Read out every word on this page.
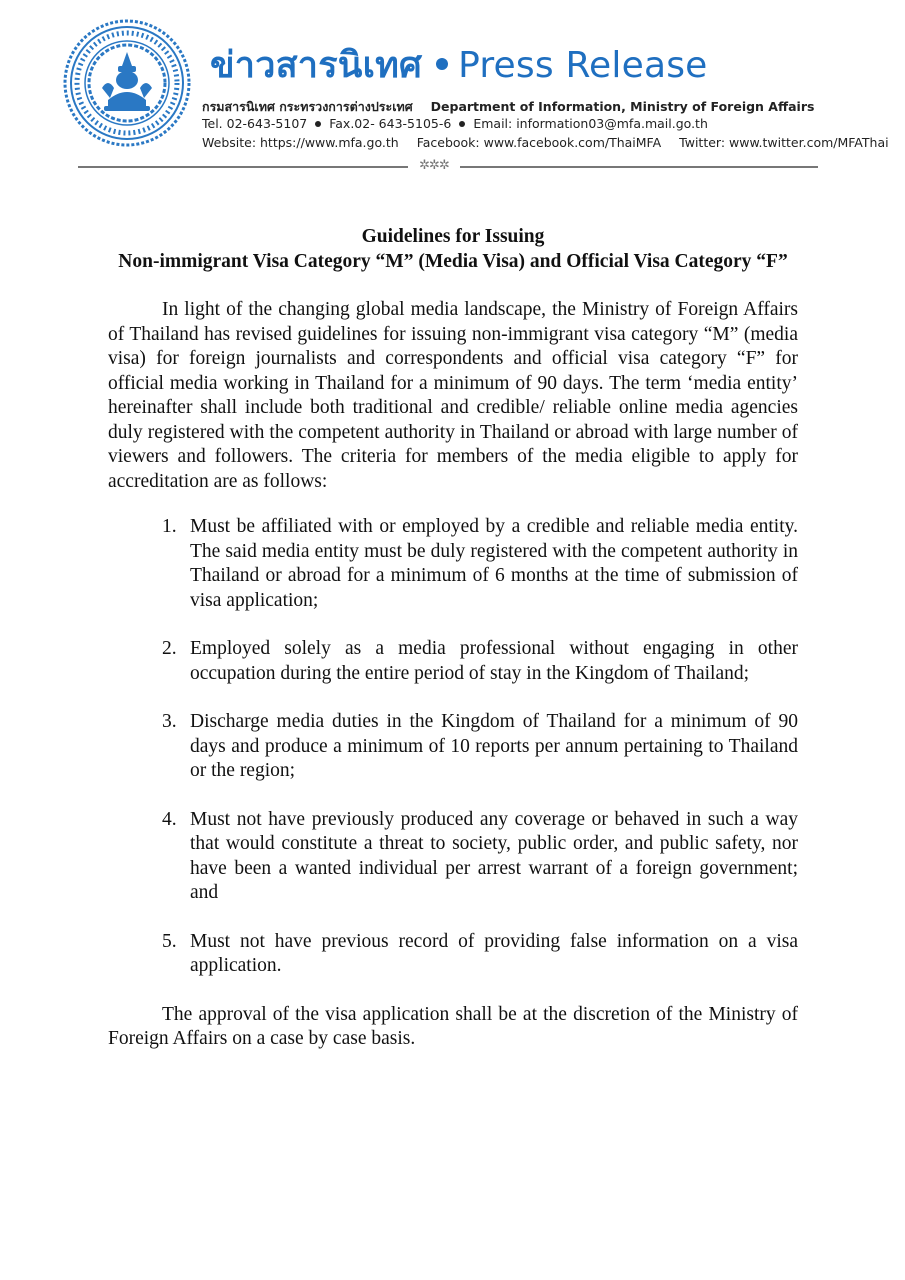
ข่าวสารนิเทศ Press Release
กรมสารนิเทศ กระทรวงการต่างประเทศ Department of Information, Ministry of Foreign Affairs
Tel. 02-643-5107 Fax.02- 643-5105-6 Email: information03@mfa.mail.go.th
Website: https://www.mfa.go.th Facebook: www.facebook.com/ThaiMFA Twitter: www.twitter.com/MFAThai
✲✲✲
Guidelines for Issuing
Non-immigrant Visa Category “M” (Media Visa) and Official Visa Category “F”

In light of the changing global media landscape, the Ministry of Foreign Affairs of Thailand has revised guidelines for issuing non-immigrant visa category “M” (media visa) for foreign journalists and correspondents and official visa category “F” for official media working in Thailand for a minimum of 90 days. The term ‘media entity’ hereinafter shall include both traditional and credible/ reliable online media agencies duly registered with the competent authority in Thailand or abroad with large number of viewers and followers. The criteria for members of the media eligible to apply for accreditation are as follows:

1. Must be affiliated with or employed by a credible and reliable media entity. The said media entity must be duly registered with the competent authority in Thailand or abroad for a minimum of 6 months at the time of submission of visa application;
2. Employed solely as a media professional without engaging in other occupation during the entire period of stay in the Kingdom of Thailand;
3. Discharge media duties in the Kingdom of Thailand for a minimum of 90 days and produce a minimum of 10 reports per annum pertaining to Thailand or the region;
4. Must not have previously produced any coverage or behaved in such a way that would constitute a threat to society, public order, and public safety, nor have been a wanted individual per arrest warrant of a foreign government; and
5. Must not have previous record of providing false information on a visa application.

The approval of the visa application shall be at the discretion of the Ministry of Foreign Affairs on a case by case basis.
